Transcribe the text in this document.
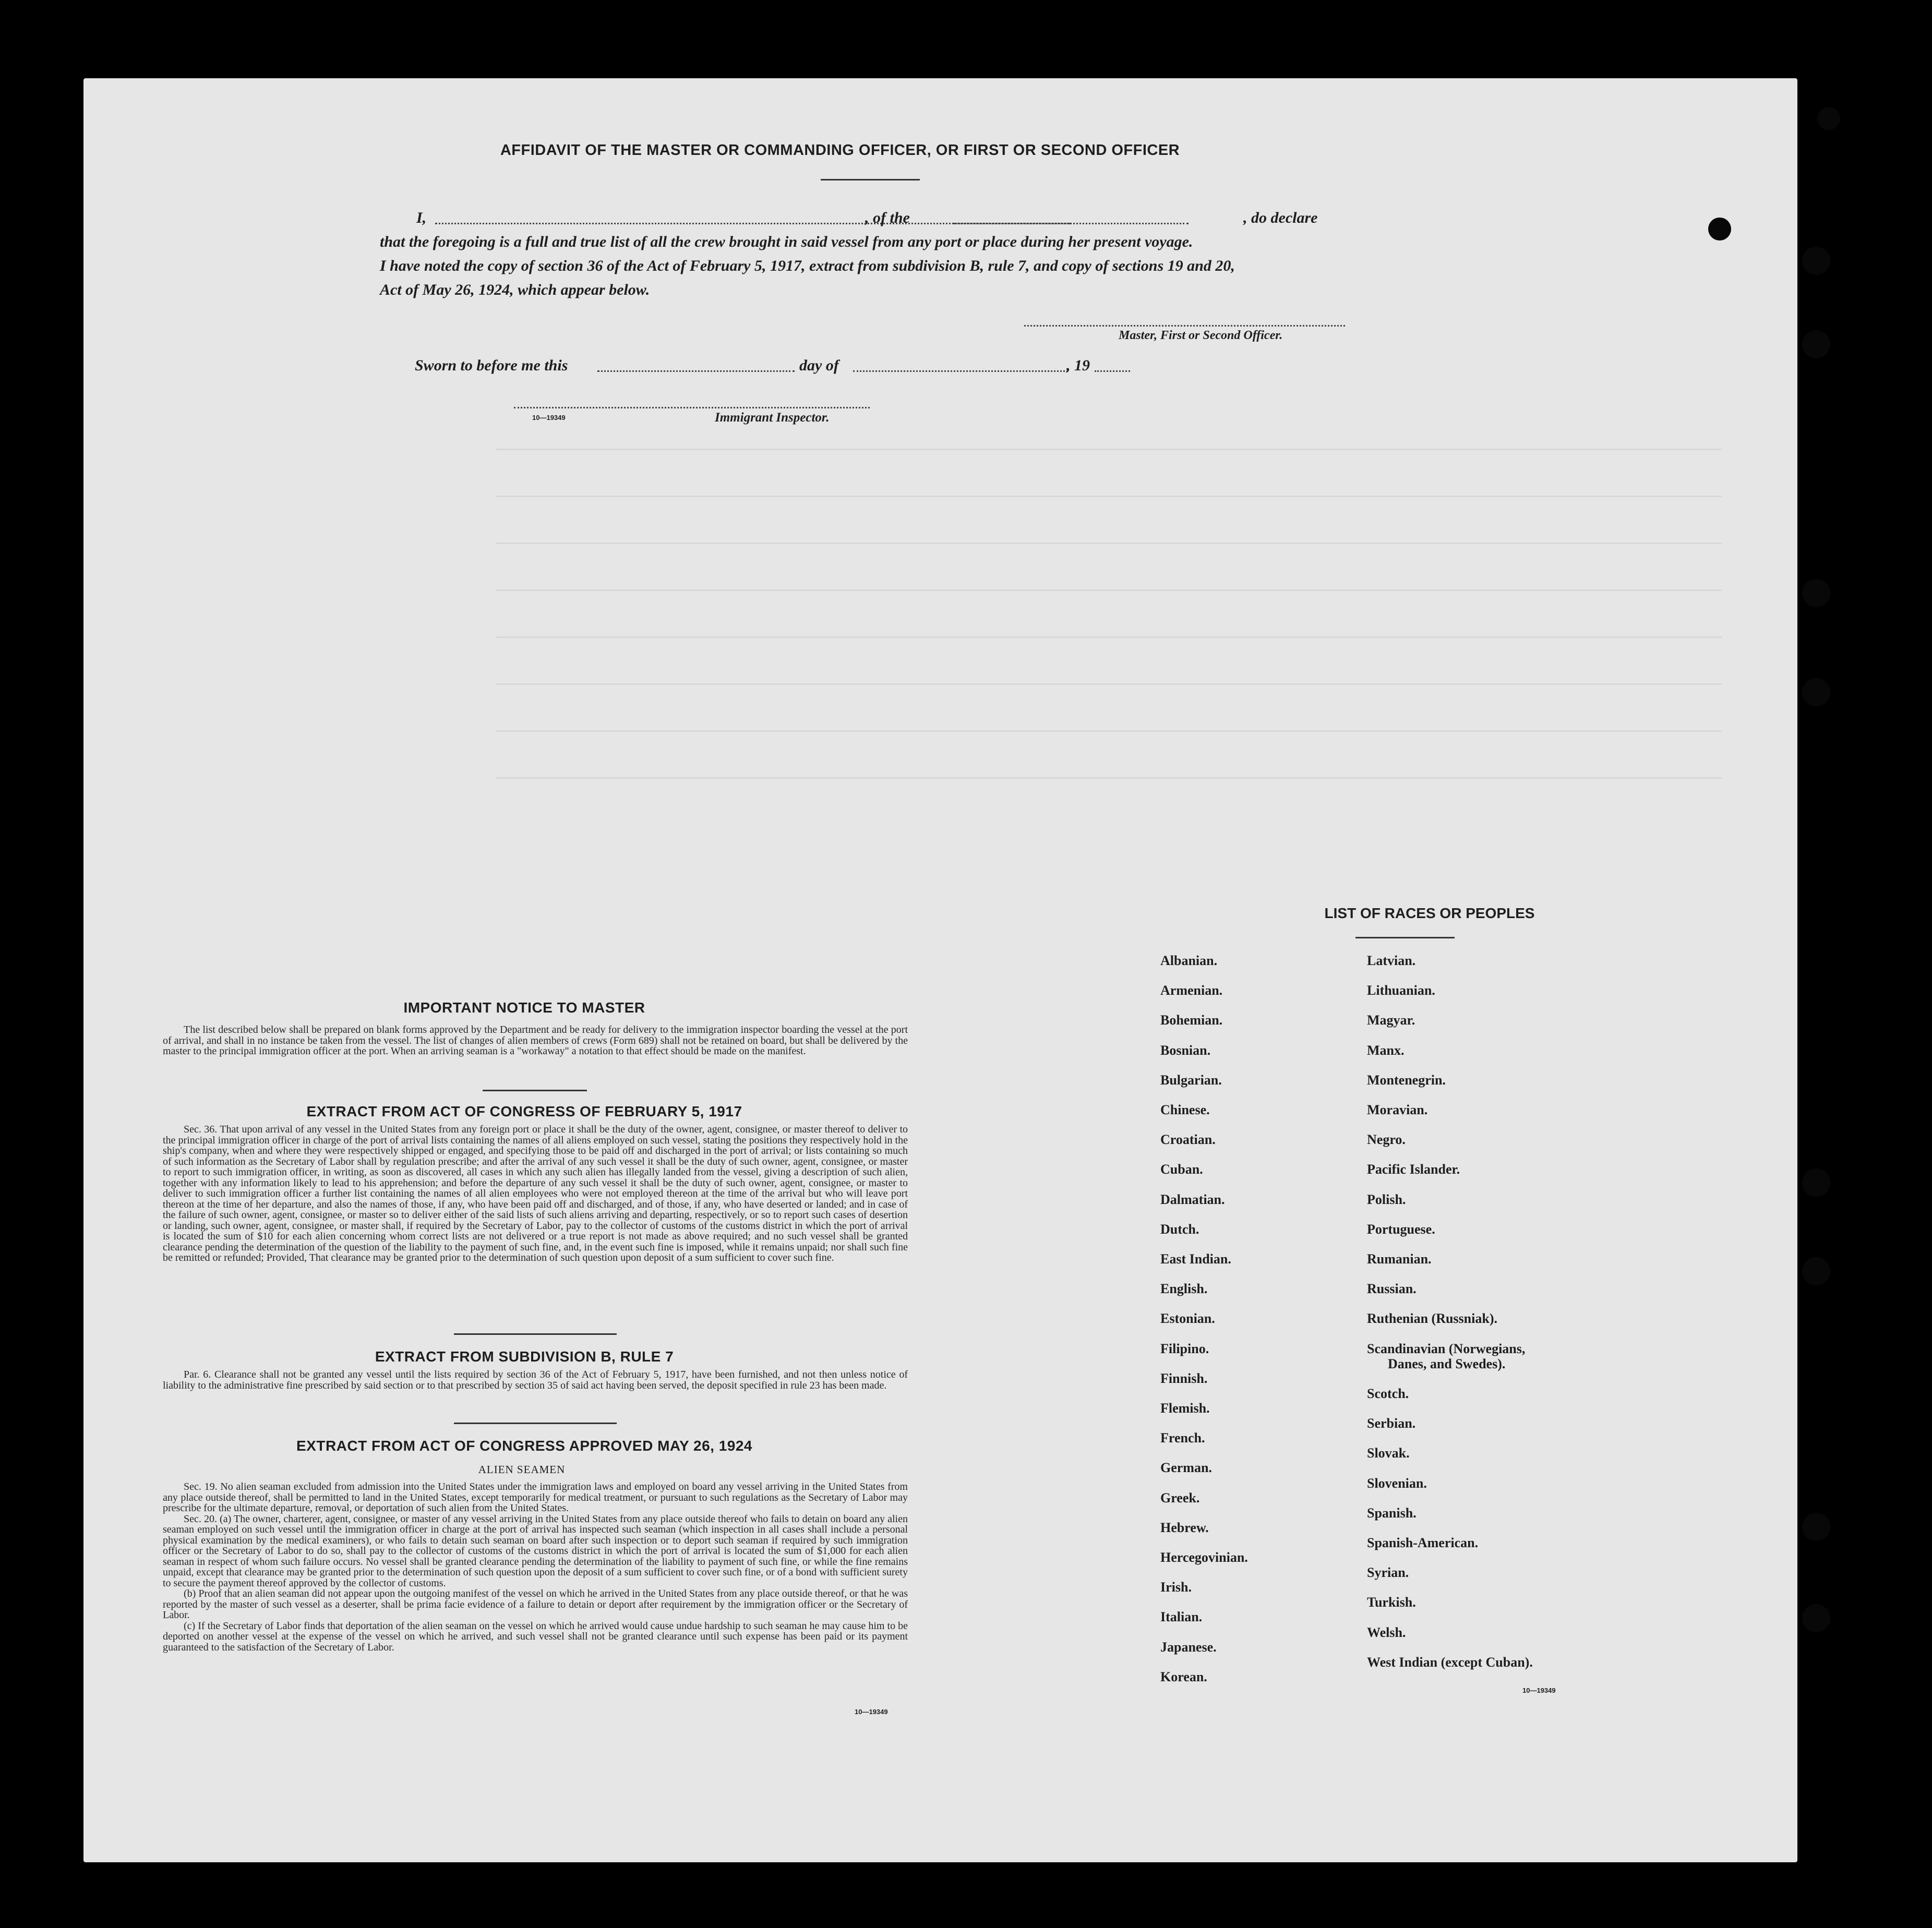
AFFIDAVIT OF THE MASTER OR COMMANDING OFFICER, OR FIRST OR SECOND OFFICER
I,	, of the	, do declare
that the foregoing is a full and true list of all the crew brought in said vessel from any port or place during her present voyage.
I have noted the copy of section 36 of the Act of February 5, 1917, extract from subdivision B, rule 7, and copy of sections 19 and 20,
Act of May 26, 1924, which appear below.
Master, First or Second Officer.
Sworn to before me this	day of	, 19
10—19349	Immigrant Inspector.
IMPORTANT NOTICE TO MASTER
The list described below shall be prepared on blank forms approved by the Department and be ready for delivery to the immigration inspector boarding the vessel at the port of arrival, and shall in no instance be taken from the vessel. The list of changes of alien members of crews (Form 689) shall not be retained on board, but shall be delivered by the master to the principal immigration officer at the port. When an arriving seaman is a "workaway" a notation to that effect should be made on the manifest.
EXTRACT FROM ACT OF CONGRESS OF FEBRUARY 5, 1917
Sec. 36. That upon arrival of any vessel in the United States from any foreign port or place it shall be the duty of the owner, agent, consignee, or master thereof to deliver to the principal immigration officer in charge of the port of arrival lists containing the names of all aliens employed on such vessel, stating the positions they respectively hold in the ship's company, when and where they were respectively shipped or engaged, and specifying those to be paid off and discharged in the port of arrival; or lists containing so much of such information as the Secretary of Labor shall by regulation prescribe; and after the arrival of any such vessel it shall be the duty of such owner, agent, consignee, or master to report to such immigration officer, in writing, as soon as discovered, all cases in which any such alien has illegally landed from the vessel, giving a description of such alien, together with any information likely to lead to his apprehension; and before the departure of any such vessel it shall be the duty of such owner, agent, consignee, or master to deliver to such immigration officer a further list containing the names of all alien employees who were not employed thereon at the time of the arrival but who will leave port thereon at the time of her departure, and also the names of those, if any, who have been paid off and discharged, and of those, if any, who have deserted or landed; and in case of the failure of such owner, agent, consignee, or master so to deliver either of the said lists of such aliens arriving and departing, respectively, or so to report such cases of desertion or landing, such owner, agent, consignee, or master shall, if required by the Secretary of Labor, pay to the collector of customs of the customs district in which the port of arrival is located the sum of $10 for each alien concerning whom correct lists are not delivered or a true report is not made as above required; and no such vessel shall be granted clearance pending the determination of the question of the liability to the payment of such fine, and, in the event such fine is imposed, while it remains unpaid; nor shall such fine be remitted or refunded; Provided, That clearance may be granted prior to the determination of such question upon deposit of a sum sufficient to cover such fine.
EXTRACT FROM SUBDIVISION B, RULE 7
Par. 6. Clearance shall not be granted any vessel until the lists required by section 36 of the Act of February 5, 1917, have been furnished, and not then unless notice of liability to the administrative fine prescribed by said section or to that prescribed by section 35 of said act having been served, the deposit specified in rule 23 has been made.
EXTRACT FROM ACT OF CONGRESS APPROVED MAY 26, 1924
ALIEN SEAMEN

Sec. 19. No alien seaman excluded from admission into the United States under the immigration laws and employed on board any vessel arriving in the United States from any place outside thereof, shall be permitted to land in the United States, except temporarily for medical treatment, or pursuant to such regulations as the Secretary of Labor may prescribe for the ultimate departure, removal, or deportation of such alien from the United States.

Sec. 20. (a) The owner, charterer, agent, consignee, or master of any vessel arriving in the United States from any place outside thereof who fails to detain on board any alien seaman employed on such vessel until the immigration officer in charge at the port of arrival has inspected such seaman (which inspection in all cases shall include a personal physical examination by the medical examiners), or who fails to detain such seaman on board after such inspection or to deport such seaman if required by such immigration officer or the Secretary of Labor to do so, shall pay to the collector of customs of the customs district in which the port of arrival is located the sum of $1,000 for each alien seaman in respect of whom such failure occurs. No vessel shall be granted clearance pending the determination of the liability to payment of such fine, or while the fine remains unpaid, except that clearance may be granted prior to the determination of such question upon the deposit of a sum sufficient to cover such fine, or of a bond with sufficient surety to secure the payment thereof approved by the collector of customs.

(b) Proof that an alien seaman did not appear upon the outgoing manifest of the vessel on which he arrived in the United States from any place outside thereof, or that he was reported by the master of such vessel as a deserter, shall be prima facie evidence of a failure to detain or deport after requirement by the immigration officer or the Secretary of Labor.

(c) If the Secretary of Labor finds that deportation of the alien seaman on the vessel on which he arrived would cause undue hardship to such seaman he may cause him to be deported on another vessel at the expense of the vessel on which he arrived, and such vessel shall not be granted clearance until such expense has been paid or its payment guaranteed to the satisfaction of the Secretary of Labor.

10—19349
LIST OF RACES OR PEOPLES
Albanian.
Armenian.
Bohemian.
Bosnian.
Bulgarian.
Chinese.
Croatian.
Cuban.
Dalmatian.
Dutch.
East Indian.
English.
Estonian.
Filipino.
Finnish.
Flemish.
French.
German.
Greek.
Hebrew.
Hercegovinian.
Irish.
Italian.
Japanese.
Korean.
Latvian.
Lithuanian.
Magyar.
Manx.
Montenegrin.
Moravian.
Negro.
Pacific Islander.
Polish.
Portuguese.
Rumanian.
Russian.
Ruthenian (Russniak).
Scandinavian (Norwegians,
Danes, and Swedes).
Scotch.
Serbian.
Slovak.
Slovenian.
Spanish.
Spanish-American.
Syrian.
Turkish.
Welsh.
West Indian (except Cuban).
10—19349
